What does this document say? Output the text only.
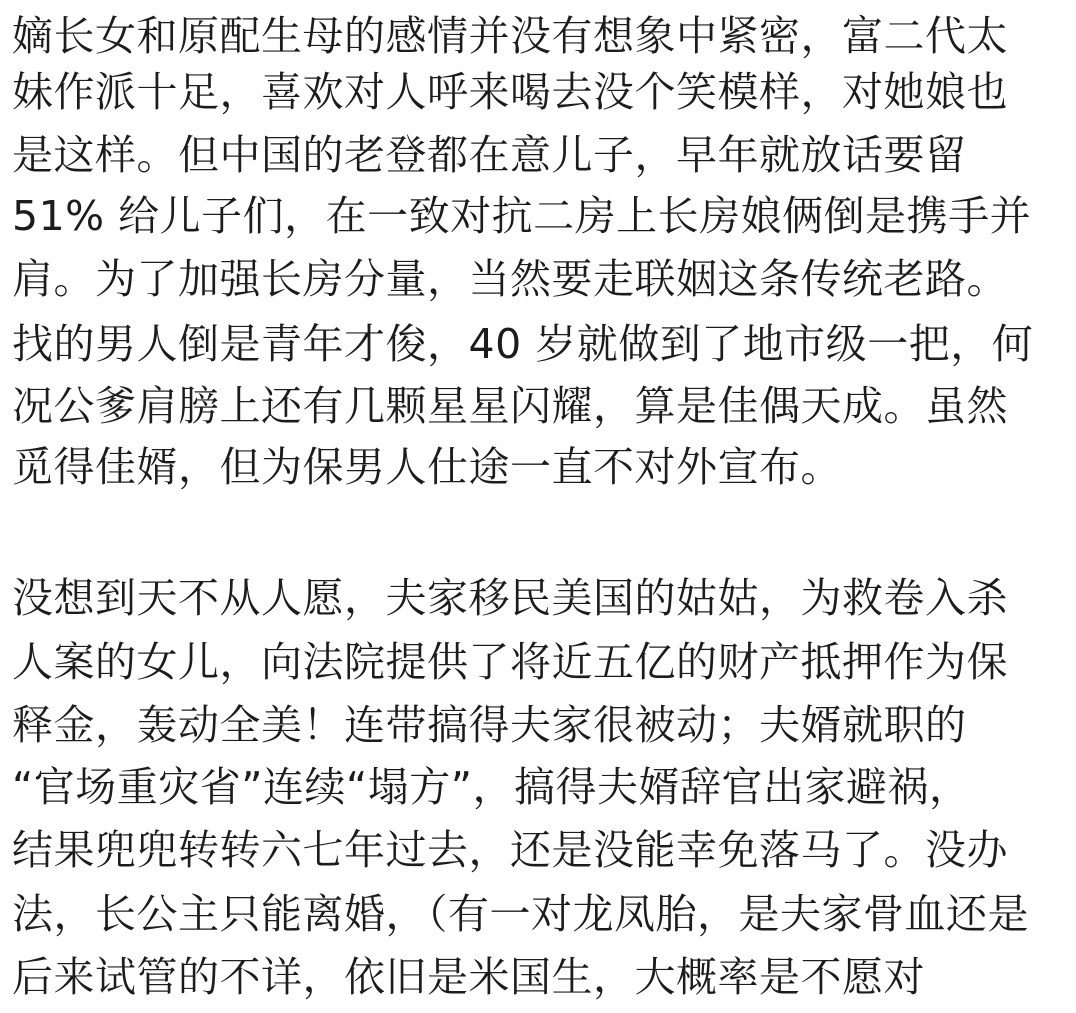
嫡长女和原配生母的感情并没有想象中紧密，富二代太
妹作派十足，喜欢对人呼来喝去没个笑模样，对她娘也
是这样。但中国的老登都在意儿子，早年就放话要留
51% 给儿子们，在一致对抗二房上长房娘俩倒是携手并
肩。为了加强长房分量，当然要走联姻这条传统老路。
找的男人倒是青年才俊，40 岁就做到了地市级一把，何
况公爹肩膀上还有几颗星星闪耀，算是佳偶天成。虽然
觅得佳婿，但为保男人仕途一直不对外宣布。
没想到天不从人愿，夫家移民美国的姑姑，为救卷入杀
人案的女儿，向法院提供了将近五亿的财产抵押作为保
释金，轰动全美！连带搞得夫家很被动；夫婿就职的
“官场重灾省”连续“塌方”，搞得夫婿辞官出家避祸，
结果兜兜转转六七年过去，还是没能幸免落马了。没办
法，长公主只能离婚，（有一对龙凤胎，是夫家骨血还是
后来试管的不详，依旧是米国生，大概率是不愿对
